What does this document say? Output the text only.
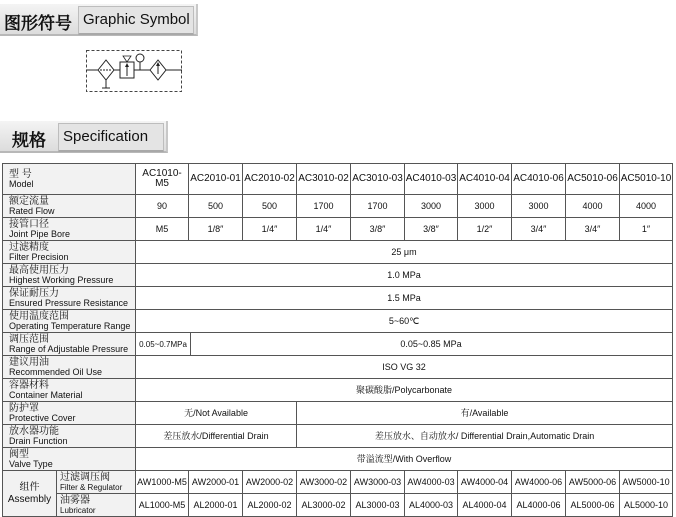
图形符号 Graphic Symbol
规格 Specification
型 号
Model		AC1010-M5	AC2010-01	AC2010-02	AC3010-02	AC3010-03	AC4010-03	AC4010-04	AC4010-06	AC5010-06	AC5010-10

额定流量
Rated Flow		90	500	500	1700	1700	3000	3000	3000	4000	4000

接管口径
Joint Pipe Bore		M5	1/8″	1/4″	1/4″	3/8″	3/8″	1/2″	3/4″	3/4″	1″

过滤精度
Filter Precision		25 μm									

最高使用压力
Highest Working Pressure		1.0 MPa									

保证耐压力
Ensured Pressure Resistance		1.5 MPa									

使用温度范围
Operating Temperature Range		5~60℃									

调压范围
Range of Adjustable Pressure		0.05~0.7MPa 0.05~0.85 MPa									

建议用油
Recommended Oil Use		ISO VG 32									

容器材料
Container Material		聚碳酸脂/Polycarbonate									

防护罩
Protective Cover		无/Not Available			有/Available						

放水器功能
Drain Function		差压放水/Differential Drain			差压放水、自动放水/ Differential Drain,Automatic Drain						

阀型
Valve Type		带溢流型/With Overflow									

组件
Assembly	过滤调压阀
Filter & Regulator	AW1000-M5	AW2000-01	AW2000-02	AW3000-02	AW3000-03	AW4000-03	AW4000-04	AW4000-06	AW5000-06	AW5000-10

	油雾器
Lubricator	AL1000-M5	AL2000-01	AL2000-02	AL3000-02	AL3000-03	AL4000-03	AL4000-04	AL4000-06	AL5000-06	AL5000-10
